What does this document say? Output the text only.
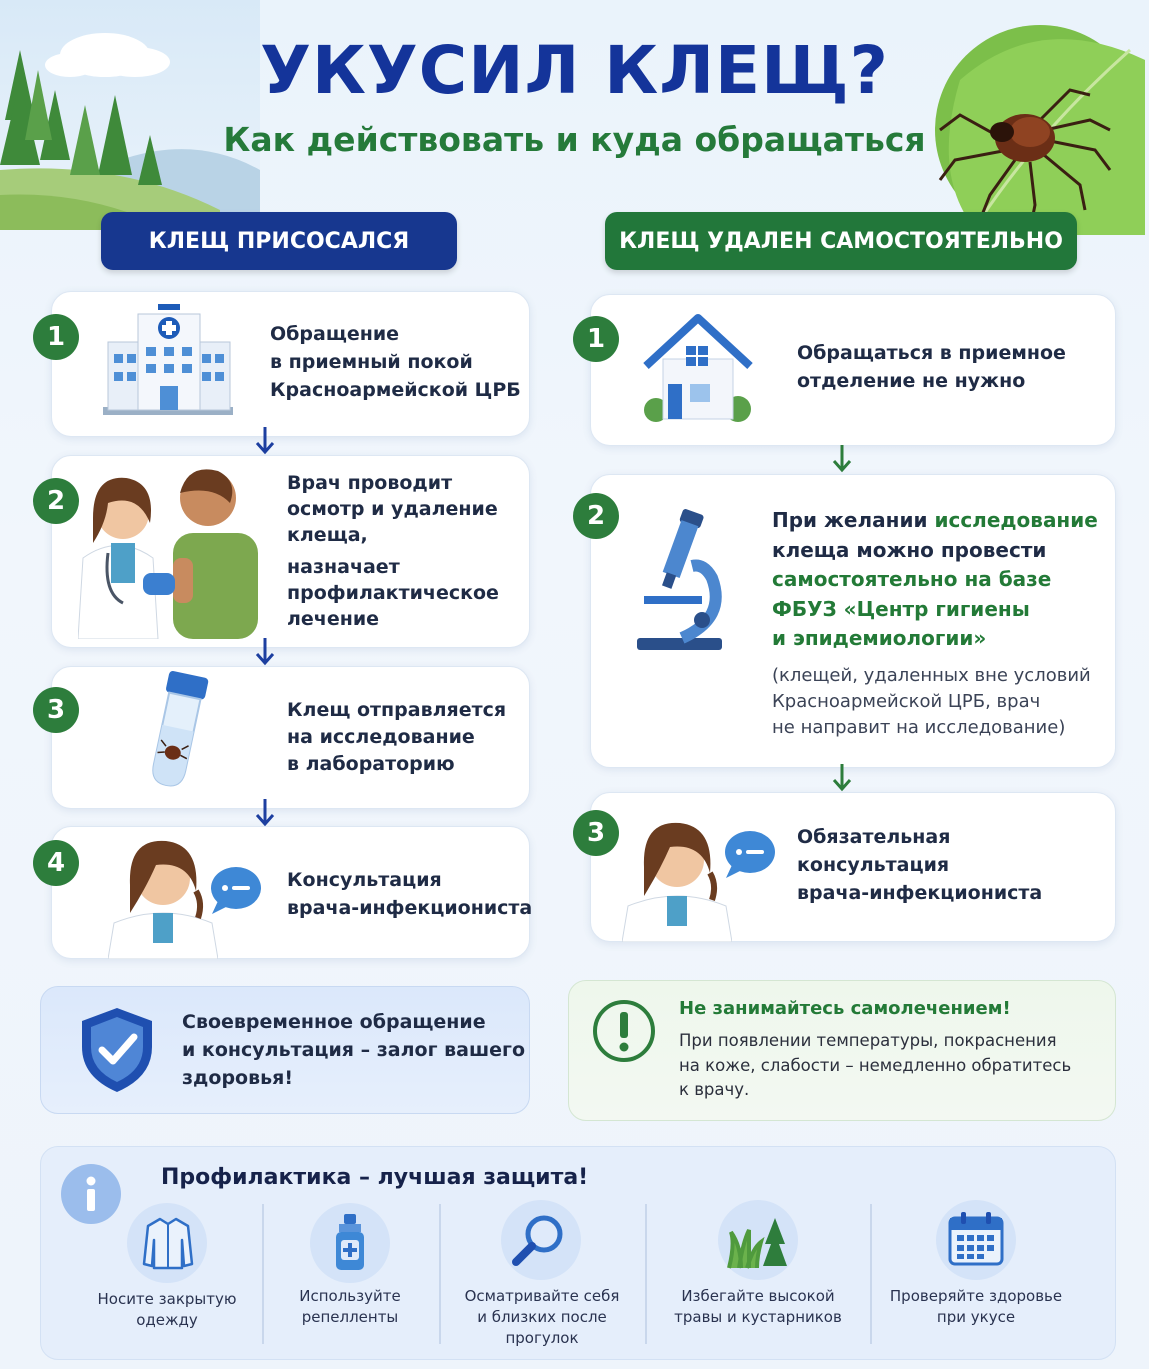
УКУСИЛ КЛЕЩ?
Как действовать и куда обращаться
КЛЕЩ ПРИСОСАЛСЯ	КЛЕЩ УДАЛЕН САМОСТОЯТЕЛЬНО
1	Обращение
в приемный покой
Красноармейской ЦРБ
2
Врач проводит
осмотр и удаление
клеща,
назначает
профилактическое
лечение
3	Клещ отправляется
на исследование
в лабораторию
4
Консультация
врача-инфекциониста
1	Обращаться в приемное
отделение не нужно
2	При желании исследование
клеща можно провести
самостоятельно на базе
ФБУЗ «Центр гигиены
и эпидемиологии»
(клещей, удаленных вне условий
Красноармейской ЦРБ, врач
не направит на исследование)
3	Обязательная
консультация
врача-инфекциониста
Своевременное обращение
и консультация – залог вашего
здоровья!
Не занимайтесь самолечением!
При появлении температуры, покраснения
на коже, слабости – немедленно обратитесь
к врачу.
Профилактика – лучшая защита!
Носите закрытую
одежду
Используйте
репелленты
Осматривайте себя
и близких после
прогулок
Избегайте высокой
травы и кустарников
Проверяйте здоровье
при укусе
